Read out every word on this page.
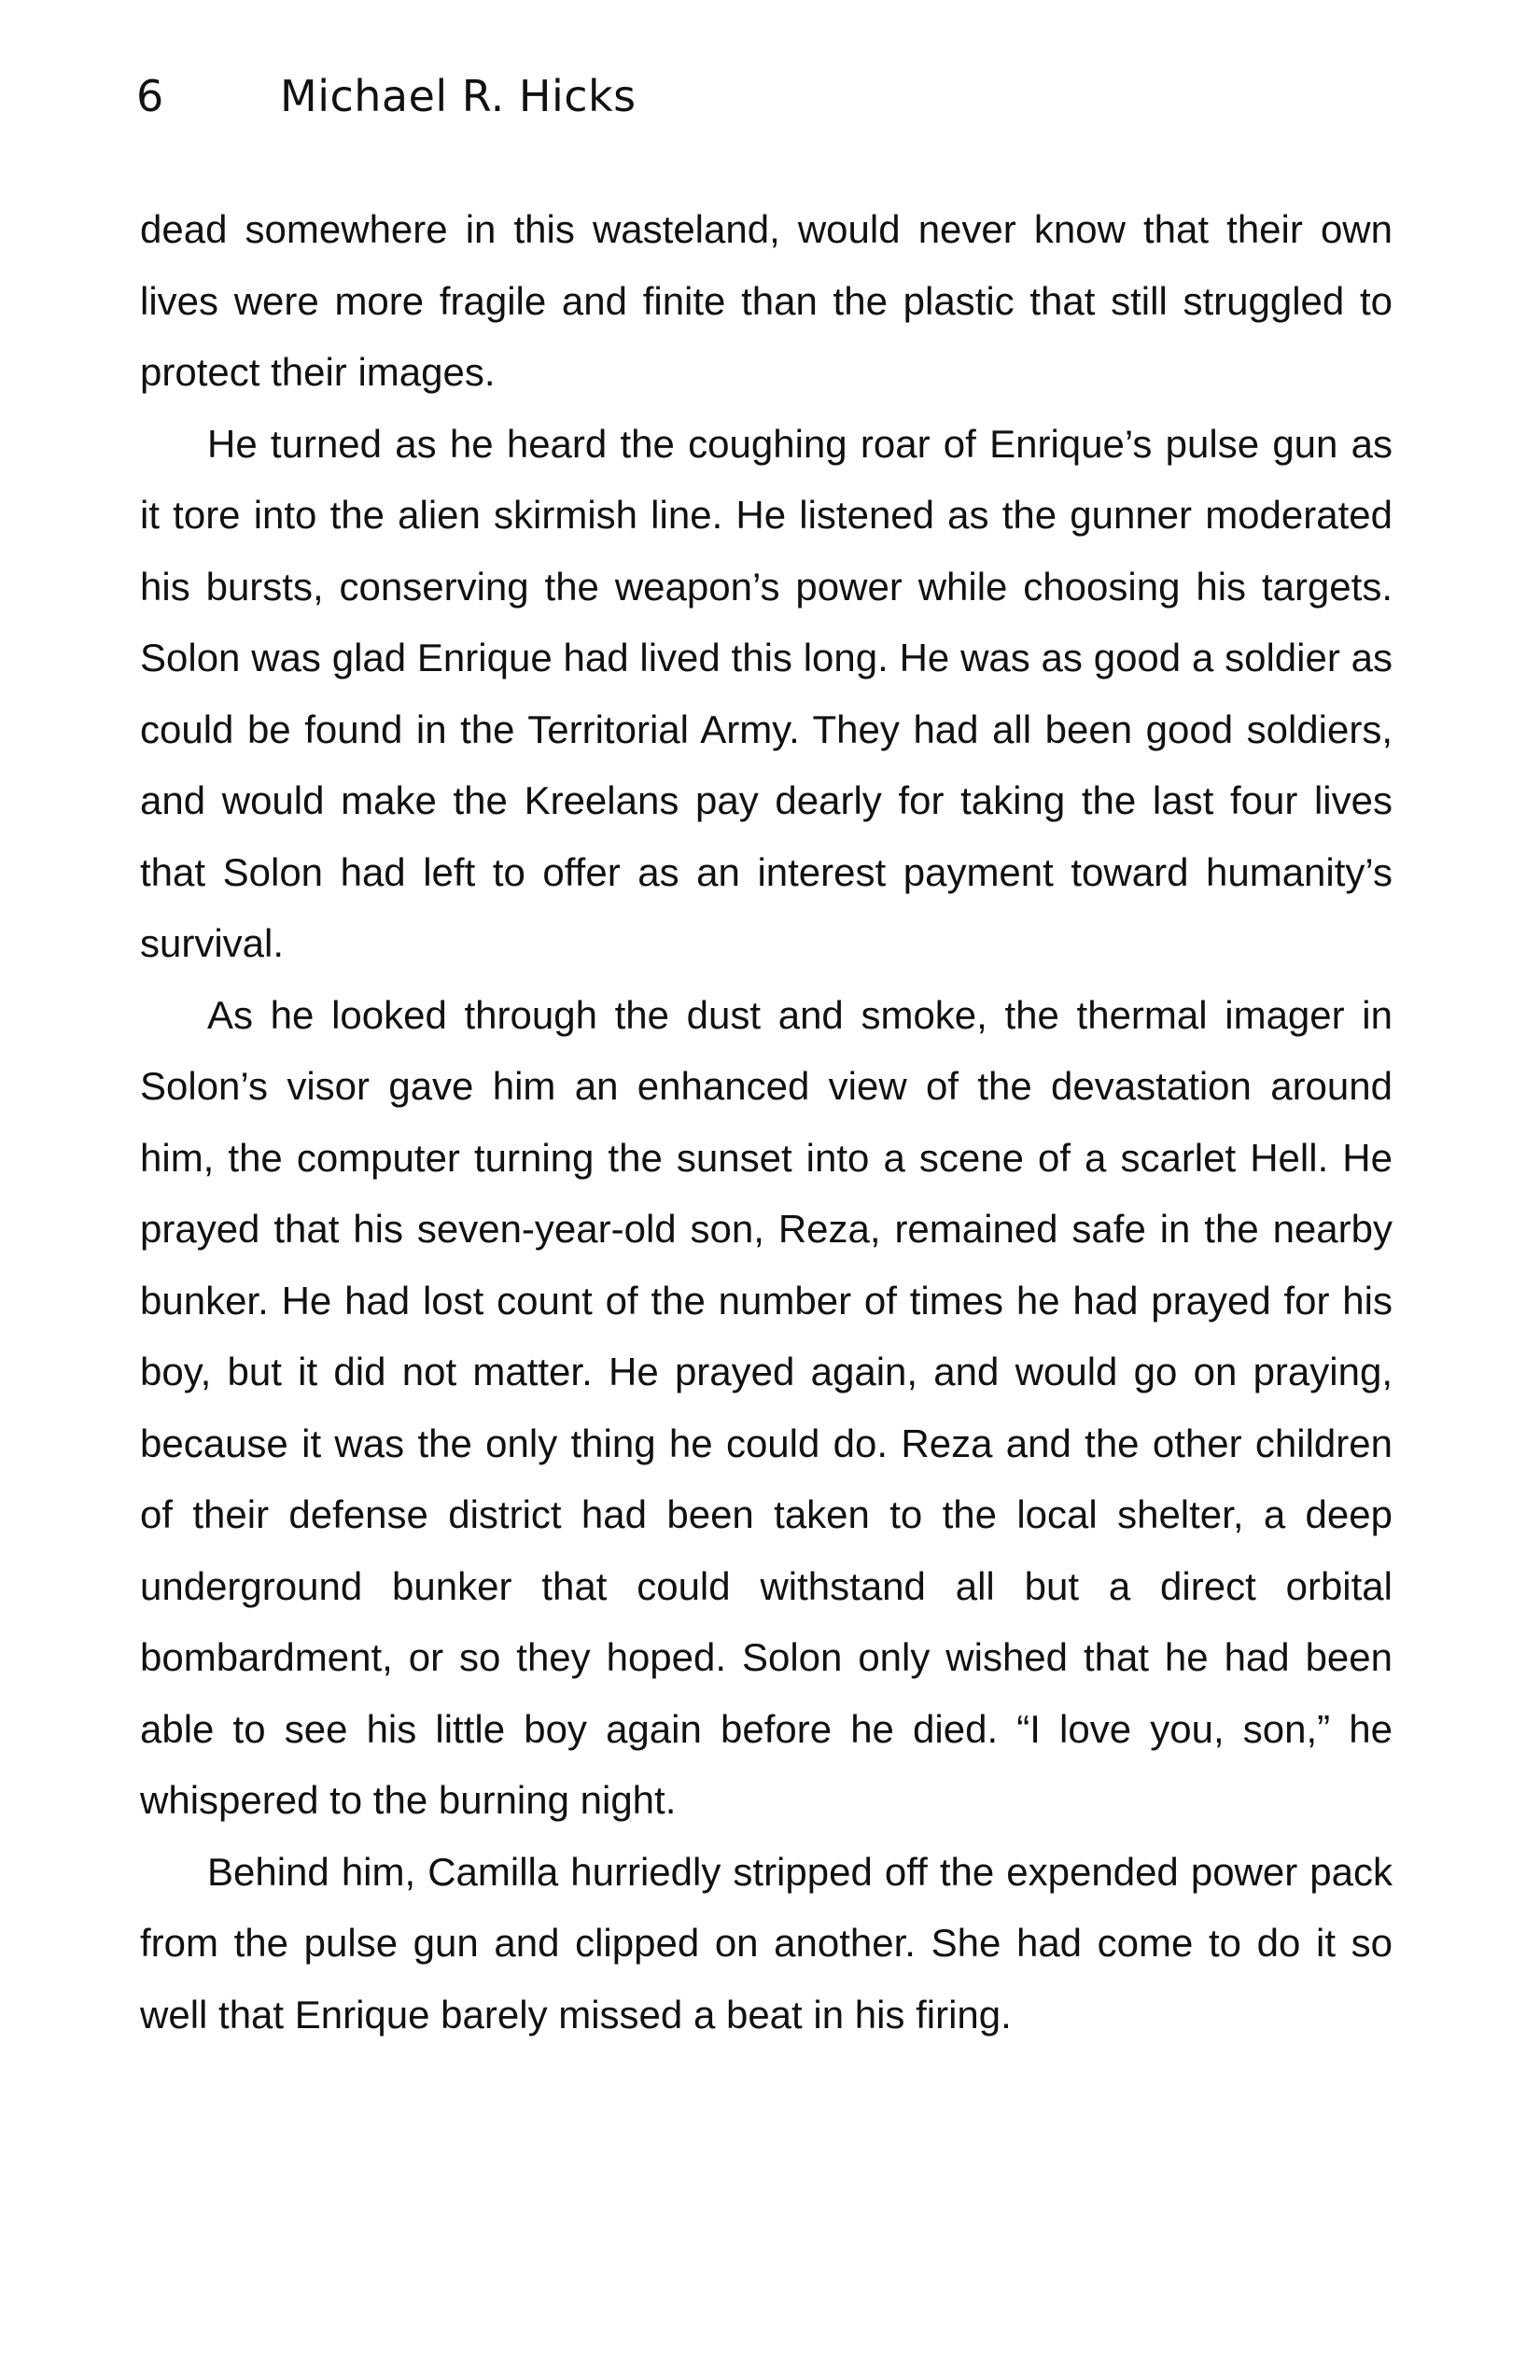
6	Michael R. Hicks

dead somewhere in this wasteland, would never know that their own lives were more fragile and finite than the plastic that still struggled to protect their images.

He turned as he heard the coughing roar of Enrique’s pulse gun as it tore into the alien skirmish line. He listened as the gunner moderated his bursts, conserving the weapon’s power while choosing his targets. Solon was glad Enrique had lived this long. He was as good a soldier as could be found in the Territorial Army. They had all been good soldiers, and would make the Kreelans pay dearly for taking the last four lives that Solon had left to offer as an interest payment toward humanity’s survival.

As he looked through the dust and smoke, the thermal imager in Solon’s visor gave him an enhanced view of the devastation around him, the computer turning the sunset into a scene of a scarlet Hell. He prayed that his seven-year-old son, Reza, remained safe in the nearby bunker. He had lost count of the number of times he had prayed for his boy, but it did not matter. He prayed again, and would go on praying, because it was the only thing he could do. Reza and the other children of their defense district had been taken to the local shelter, a deep underground bunker that could withstand all but a direct orbital bombardment, or so they hoped. Solon only wished that he had been able to see his little boy again before he died. “I love you, son,” he whispered to the burning night.

Behind him, Camilla hurriedly stripped off the expended power pack from the pulse gun and clipped on another. She had come to do it so well that Enrique barely missed a beat in his firing.
